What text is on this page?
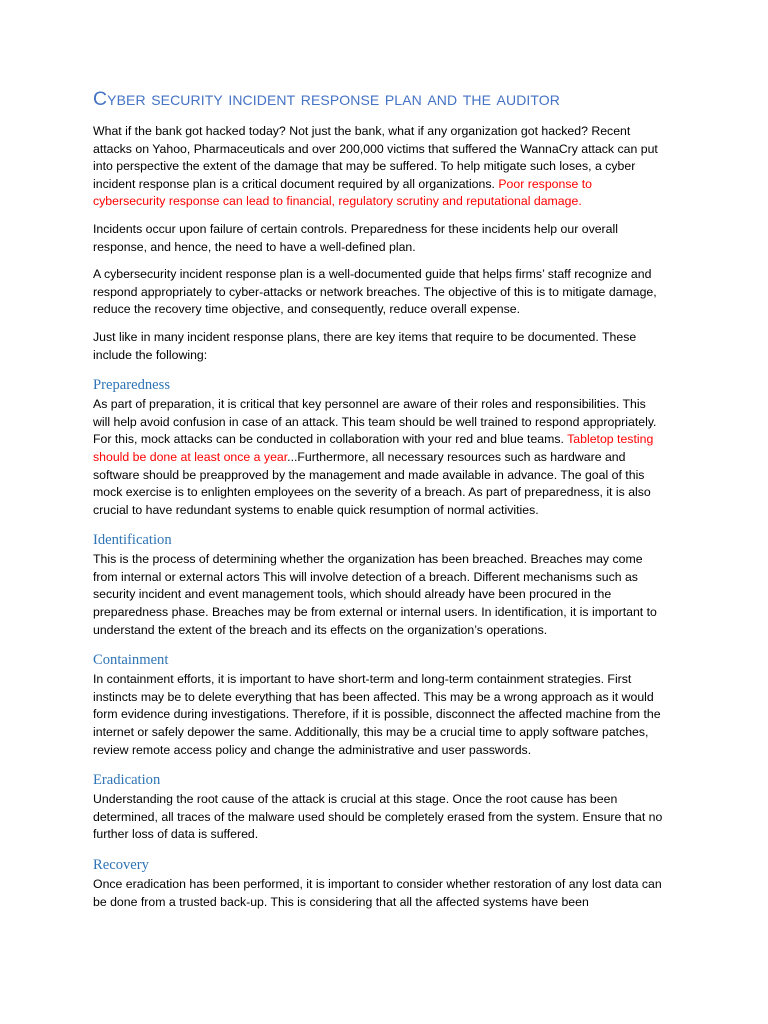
Cyber security incident response plan and the auditor

What if the bank got hacked today? Not just the bank, what if any organization got hacked? Recent attacks on Yahoo, Pharmaceuticals and over 200,000 victims that suffered the WannaCry attack can put into perspective the extent of the damage that may be suffered. To help mitigate such loses, a cyber incident response plan is a critical document required by all organizations. Poor response to cybersecurity response can lead to financial, regulatory scrutiny and reputational damage.

Incidents occur upon failure of certain controls. Preparedness for these incidents help our overall response, and hence, the need to have a well-defined plan.

A cybersecurity incident response plan is a well-documented guide that helps firms’ staff recognize and respond appropriately to cyber-attacks or network breaches. The objective of this is to mitigate damage, reduce the recovery time objective, and consequently, reduce overall expense.

Just like in many incident response plans, there are key items that require to be documented. These include the following:

Preparedness

As part of preparation, it is critical that key personnel are aware of their roles and responsibilities. This will help avoid confusion in case of an attack. This team should be well trained to respond appropriately. For this, mock attacks can be conducted in collaboration with your red and blue teams. Tabletop testing should be done at least once a year...Furthermore, all necessary resources such as hardware and software should be preapproved by the management and made available in advance. The goal of this mock exercise is to enlighten employees on the severity of a breach. As part of preparedness, it is also crucial to have redundant systems to enable quick resumption of normal activities.

Identification

This is the process of determining whether the organization has been breached. Breaches may come from internal or external actors This will involve detection of a breach. Different mechanisms such as security incident and event management tools, which should already have been procured in the preparedness phase. Breaches may be from external or internal users. In identification, it is important to understand the extent of the breach and its effects on the organization’s operations.

Containment

In containment efforts, it is important to have short-term and long-term containment strategies. First instincts may be to delete everything that has been affected. This may be a wrong approach as it would form evidence during investigations. Therefore, if it is possible, disconnect the affected machine from the internet or safely depower the same. Additionally, this may be a crucial time to apply software patches, review remote access policy and change the administrative and user passwords.

Eradication

Understanding the root cause of the attack is crucial at this stage. Once the root cause has been determined, all traces of the malware used should be completely erased from the system. Ensure that no further loss of data is suffered.

Recovery

Once eradication has been performed, it is important to consider whether restoration of any lost data can be done from a trusted back-up. This is considering that all the affected systems have been
